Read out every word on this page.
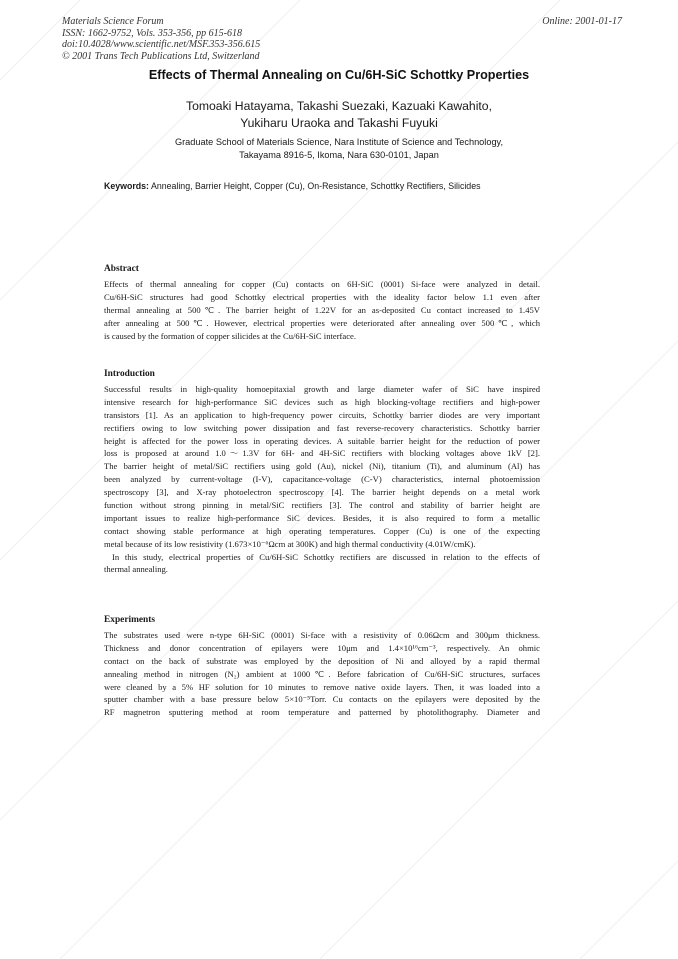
Materials Science Forum
ISSN: 1662-9752, Vols. 353-356, pp 615-618
doi:10.4028/www.scientific.net/MSF.353-356.615
© 2001 Trans Tech Publications Ltd, Switzerland
Online: 2001-01-17
Effects of Thermal Annealing on Cu/6H-SiC Schottky Properties
Tomoaki Hatayama, Takashi Suezaki, Kazuaki Kawahito,
Yukiharu Uraoka and Takashi Fuyuki
Graduate School of Materials Science, Nara Institute of Science and Technology,
Takayama 8916-5, Ikoma, Nara 630-0101, Japan
Keywords: Annealing, Barrier Height, Copper (Cu), On-Resistance, Schottky Rectifiers, Silicides
Abstract
Effects of thermal annealing for copper (Cu) contacts on 6H-SiC (0001) Si-face were analyzed in detail.
Cu/6H-SiC structures had good Schottky electrical properties with the ideality factor below 1.1 even after
thermal annealing at 500℃. The barrier height of 1.22V for an as-deposited Cu contact increased to 1.45V
after annealing at 500℃. However, electrical properties were deteriorated after annealing over 500℃, which
is caused by the formation of copper silicides at the Cu/6H-SiC interface.
Introduction
Successful results in high-quality homoepitaxial growth and large diameter wafer of SiC have inspired
intensive research for high-performance SiC devices such as high blocking-voltage rectifiers and high-power
transistors [1]. As an application to high-frequency power circuits, Schottky barrier diodes are very important
rectifiers owing to low switching power dissipation and fast reverse-recovery characteristics. Schottky barrier
height is affected for the power loss in operating devices. A suitable barrier height for the reduction of power
loss is proposed at around 1.0～1.3V for 6H- and 4H-SiC rectifiers with blocking voltages above 1kV [2].
The barrier height of metal/SiC rectifiers using gold (Au), nickel (Ni), titanium (Ti), and aluminum (Al) has
been analyzed by current-voltage (I-V), capacitance-voltage (C-V) characteristics, internal photoemission
spectroscopy [3], and X-ray photoelectron spectroscopy [4]. The barrier height depends on a metal work
function without strong pinning in metal/SiC rectifiers [3]. The control and stability of barrier height are
important issues to realize high-performance SiC devices. Besides, it is also required to form a metallic
contact showing stable performance at high operating temperatures. Copper (Cu) is one of the expecting
metal because of its low resistivity (1.673×10⁻⁶Ωcm at 300K) and high thermal conductivity (4.01W/cmK).
In this study, electrical properties of Cu/6H-SiC Schottky rectifiers are discussed in relation to the effects of
thermal annealing.
Experiments
The substrates used were n-type 6H-SiC (0001) Si-face with a resistivity of 0.06Ωcm and 300μm thickness.
Thickness and donor concentration of epilayers were 10μm and 1.4×10¹⁶cm⁻³, respectively. An ohmic
contact on the back of substrate was employed by the deposition of Ni and alloyed by a rapid thermal
annealing method in nitrogen (N₂) ambient at 1000℃. Before fabrication of Cu/6H-SiC structures, surfaces
were cleaned by a 5% HF solution for 10 minutes to remove native oxide layers. Then, it was loaded into a
sputter chamber with a base pressure below 5×10⁻⁵Torr. Cu contacts on the epilayers were deposited by the
RF magnetron sputtering method at room temperature and patterned by photolithography. Diameter and
